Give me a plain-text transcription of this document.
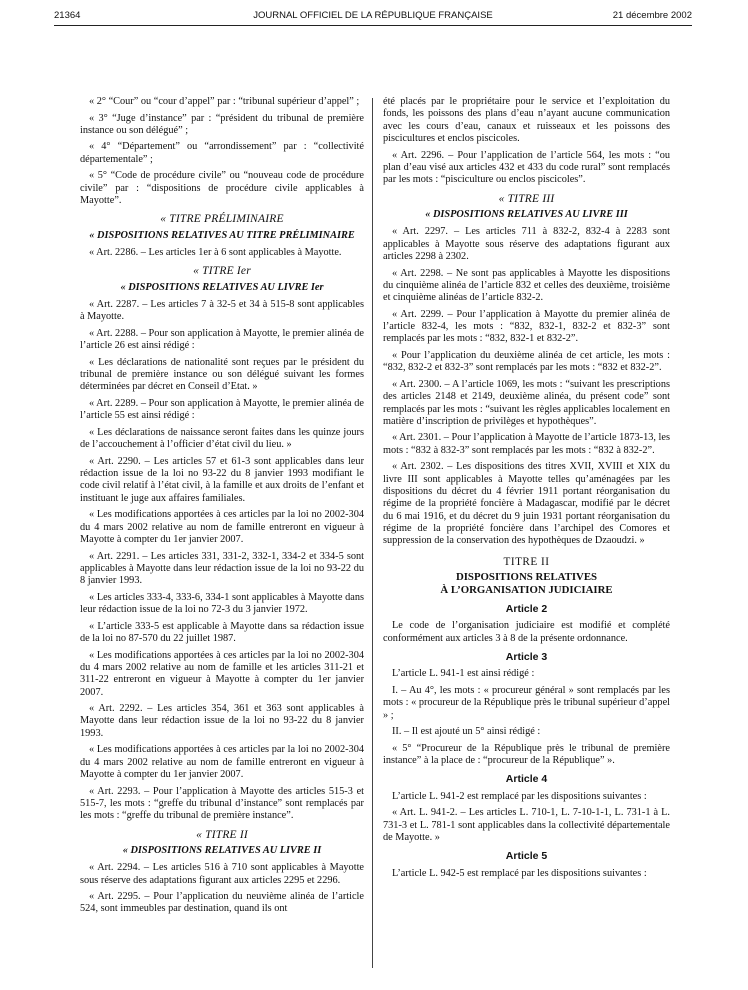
21364	JOURNAL OFFICIEL DE LA RÉPUBLIQUE FRANÇAISE	21 décembre 2002

« 2° “Cour” ou “cour d’appel” par : “tribunal supérieur d’appel” ;

« 3° “Juge d’instance” par : “président du tribunal de première instance ou son délégué” ;

« 4° “Département” ou “arrondissement” par : “collectivité départementale” ;

« 5° “Code de procédure civile” ou “nouveau code de procédure civile” par : “dispositions de procédure civile applicables à Mayotte”.

« TITRE PRÉLIMINAIRE
« DISPOSITIONS RELATIVES AU TITRE PRÉLIMINAIRE

« Art. 2286. – Les articles 1er à 6 sont applicables à Mayotte.

« TITRE Ier
« DISPOSITIONS RELATIVES AU LIVRE Ier

« Art. 2287. – Les articles 7 à 32-5 et 34 à 515-8 sont applicables à Mayotte.

« Art. 2288. – Pour son application à Mayotte, le premier alinéa de l’article 26 est ainsi rédigé :

« Les déclarations de nationalité sont reçues par le président du tribunal de première instance ou son délégué suivant les formes déterminées par décret en Conseil d’Etat. »

« Art. 2289. – Pour son application à Mayotte, le premier alinéa de l’article 55 est ainsi rédigé :

« Les déclarations de naissance seront faites dans les quinze jours de l’accouchement à l’officier d’état civil du lieu. »

« Art. 2290. – Les articles 57 et 61-3 sont applicables dans leur rédaction issue de la loi no 93-22 du 8 janvier 1993 modifiant le code civil relatif à l’état civil, à la famille et aux droits de l’enfant et instituant le juge aux affaires familiales.

« Les modifications apportées à ces articles par la loi no 2002-304 du 4 mars 2002 relative au nom de famille entreront en vigueur à Mayotte à compter du 1er janvier 2007.

« Art. 2291. – Les articles 331, 331-2, 332-1, 334-2 et 334-5 sont applicables à Mayotte dans leur rédaction issue de la loi no 93-22 du 8 janvier 1993.

« Les articles 333-4, 333-6, 334-1 sont applicables à Mayotte dans leur rédaction issue de la loi no 72-3 du 3 janvier 1972.

« L’article 333-5 est applicable à Mayotte dans sa rédaction issue de la loi no 87-570 du 22 juillet 1987.

« Les modifications apportées à ces articles par la loi no 2002-304 du 4 mars 2002 relative au nom de famille et les articles 311-21 et 311-22 entreront en vigueur à Mayotte à compter du 1er janvier 2007.

« Art. 2292. – Les articles 354, 361 et 363 sont applicables à Mayotte dans leur rédaction issue de la loi no 93-22 du 8 janvier 1993.

« Les modifications apportées à ces articles par la loi no 2002-304 du 4 mars 2002 relative au nom de famille entreront en vigueur à Mayotte à compter du 1er janvier 2007.

« Art. 2293. – Pour l’application à Mayotte des articles 515-3 et 515-7, les mots : “greffe du tribunal d’instance” sont remplacés par les mots : “greffe du tribunal de première instance”.

« TITRE II
« DISPOSITIONS RELATIVES AU LIVRE II

« Art. 2294. – Les articles 516 à 710 sont applicables à Mayotte sous réserve des adaptations figurant aux articles 2295 et 2296.

« Art. 2295. – Pour l’application du neuvième alinéa de l’article 524, sont immeubles par destination, quand ils ont

été placés par le propriétaire pour le service et l’exploitation du fonds, les poissons des plans d’eau n’ayant aucune communication avec les cours d’eau, canaux et ruisseaux et les poissons des piscicultures et enclos piscicoles.

« Art. 2296. – Pour l’application de l’article 564, les mots : “ou plan d’eau visé aux articles 432 et 433 du code rural” sont remplacés par les mots : “pisciculture ou enclos piscicoles”.

« TITRE III
« DISPOSITIONS RELATIVES AU LIVRE III

« Art. 2297. – Les articles 711 à 832-2, 832-4 à 2283 sont applicables à Mayotte sous réserve des adaptations figurant aux articles 2298 à 2302.

« Art. 2298. – Ne sont pas applicables à Mayotte les dispositions du cinquième alinéa de l’article 832 et celles des deuxième, troisième et cinquième alinéas de l’article 832-2.

« Art. 2299. – Pour l’application à Mayotte du premier alinéa de l’article 832-4, les mots : “832, 832-1, 832-2 et 832-3” sont remplacés par les mots : “832, 832-1 et 832-2”.

« Pour l’application du deuxième alinéa de cet article, les mots : “832, 832-2 et 832-3” sont remplacés par les mots : “832 et 832-2”.

« Art. 2300. – A l’article 1069, les mots : “suivant les prescriptions des articles 2148 et 2149, deuxième alinéa, du présent code” sont remplacés par les mots : “suivant les règles applicables localement en matière d’inscription de privilèges et hypothèques”.

« Art. 2301. – Pour l’application à Mayotte de l’article 1873-13, les mots : “832 à 832-3” sont remplacés par les mots : “832 à 832-2”.

« Art. 2302. – Les dispositions des titres XVII, XVIII et XIX du livre III sont applicables à Mayotte telles qu’aménagées par les dispositions du décret du 4 février 1911 portant réorganisation du régime de la propriété foncière à Madagascar, modifié par le décret du 6 mai 1916, et du décret du 9 juin 1931 portant réorganisation du régime de la propriété foncière dans l’archipel des Comores et suppression de la conservation des hypothèques de Dzaoudzi. »

TITRE II
DISPOSITIONS RELATIVES
À L’ORGANISATION JUDICIAIRE
Article 2

Le code de l’organisation judiciaire est modifié et complété conformément aux articles 3 à 8 de la présente ordonnance.

Article 3

L’article L. 941-1 est ainsi rédigé :

I. – Au 4°, les mots : « procureur général » sont remplacés par les mots : « procureur de la République près le tribunal supérieur d’appel » ;

II. – Il est ajouté un 5° ainsi rédigé :

« 5° “Procureur de la République près le tribunal de première instance” à la place de : “procureur de la République” ».

Article 4

L’article L. 941-2 est remplacé par les dispositions suivantes :

« Art. L. 941-2. – Les articles L. 710-1, L. 7-10-1-1, L. 731-1 à L. 731-3 et L. 781-1 sont applicables dans la collectivité départementale de Mayotte. »

Article 5

L’article L. 942-5 est remplacé par les dispositions suivantes :
